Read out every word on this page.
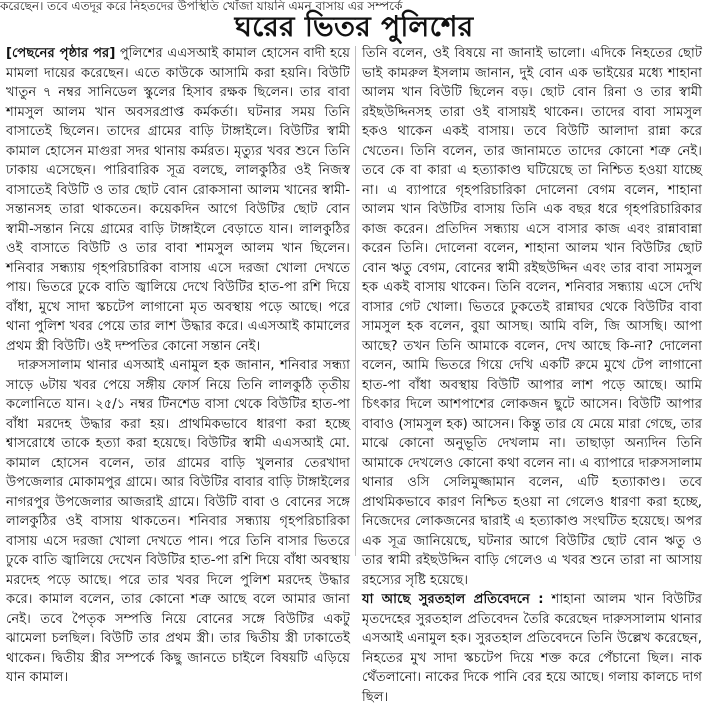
করেছেন। তবে এতদূর করে নিহতদের উপস্থিতি খোঁজা যায়নি এমন বাসায় এর সম্পর্কে
ঘরের ভিতর পুলিশের

[পেছনের পৃষ্ঠার পর] পুলিশের এএসআই কামাল হোসেন বাদী হয়ে মামলা দায়ের করেছেন। এতে কাউকে আসামি করা হয়নি। বিউটি খাতুন ৭ নম্বর সানিডেল স্কুলের হিসাব রক্ষক ছিলেন। তার বাবা শামসুল আলম খান অবসরপ্রাপ্ত কর্মকর্তা। ঘটনার সময় তিনি বাসাতেই ছিলেন। তাদের গ্রামের বাড়ি টাঙ্গাইলে। বিউটির স্বামী কামাল হোসেন মাগুরা সদর থানায় কর্মরত। মৃত্যুর খবর শুনে তিনি ঢাকায় এসেছেন। পারিবারিক সূত্র বলছে, লালকুঠির ওই নিজস্ব বাসাতেই বিউটি ও তার ছোট বোন রোকসানা আলম খানের স্বামী-সন্তানসহ তারা থাকতেন। কয়েকদিন আগে বিউটির ছোট বোন স্বামী-সন্তান নিয়ে গ্রামের বাড়ি টাঙ্গাইলে বেড়াতে যান। লালকুঠির ওই বাসাতে বিউটি ও তার বাবা শামসুল আলম খান ছিলেন। শনিবার সন্ধ্যায় গৃহপরিচারিকা বাসায় এসে দরজা খোলা দেখতে পায়। ভিতরে ঢুকে বাতি জ্বালিয়ে দেখে বিউটির হাত-পা রশি দিয়ে বাঁধা, মুখে সাদা স্কচটেপ লাগানো মৃত অবস্থায় পড়ে আছে। পরে থানা পুলিশ খবর পেয়ে তার লাশ উদ্ধার করে। এএসআই কামালের প্রথম স্ত্রী বিউটি। ওই দম্পতির কোনো সন্তান নেই।

দারুসসালাম থানার এসআই এনামুল হক জানান, শনিবার সন্ধ্যা সাড়ে ৬টায় খবর পেয়ে সঙ্গীয় ফোর্স নিয়ে তিনি লালকুঠি তৃতীয় কলোনিতে যান। ২৫/১ নম্বর টিনশেড বাসা থেকে বিউটির হাত-পা বাঁধা মরদেহ উদ্ধার করা হয়। প্রাথমিকভাবে ধারণা করা হচ্ছে শ্বাসরোধে তাকে হত্যা করা হয়েছে। বিউটির স্বামী এএসআই মো. কামাল হোসেন বলেন, তার গ্রামের বাড়ি খুলনার তেরখাদা উপজেলার মোকামপুর গ্রামে। আর বিউটির বাবার বাড়ি টাঙ্গাইলের নাগরপুর উপজেলার আজরাই গ্রামে। বিউটি বাবা ও বোনের সঙ্গে লালকুঠির ওই বাসায় থাকতেন। শনিবার সন্ধ্যায় গৃহপরিচারিকা বাসায় এসে দরজা খোলা দেখতে পান। পরে তিনি বাসার ভিতরে ঢুকে বাতি জ্বালিয়ে দেখেন বিউটির হাত-পা রশি দিয়ে বাঁধা অবস্থায় মরদেহ পড়ে আছে। পরে তার খবর দিলে পুলিশ মরদেহ উদ্ধার করে। কামাল বলেন, তার কোনো শত্রু আছে বলে আমার জানা নেই। তবে পৈতৃক সম্পত্তি নিয়ে বোনের সঙ্গে বিউটির একটু ঝামেলা চলছিল। বিউটি তার প্রথম স্ত্রী। তার দ্বিতীয় স্ত্রী ঢাকাতেই থাকেন। দ্বিতীয় স্ত্রীর সম্পর্কে কিছু জানতে চাইলে বিষয়টি এড়িয়ে যান কামাল।

তিনি বলেন, ওই বিষয়ে না জানাই ভালো। এদিকে নিহতের ছোট ভাই কামরুল ইসলাম জানান, দুই বোন এক ভাইয়ের মধ্যে শাহানা আলম খান বিউটি ছিলেন বড়। ছোট বোন রিনা ও তার স্বামী রইছউদ্দিনসহ তারা ওই বাসায়ই থাকেন। তাদের বাবা সামসুল হকও থাকেন একই বাসায়। তবে বিউটি আলাদা রান্না করে খেতেন। তিনি বলেন, তার জানামতে তাদের কোনো শত্রু নেই। তবে কে বা কারা এ হত্যাকাণ্ড ঘটিয়েছে তা নিশ্চিত হওয়া যাচ্ছে না। এ ব্যাপারে গৃহপরিচারিকা দোলেনা বেগম বলেন, শাহানা আলম খান বিউটির বাসায় তিনি এক বছর ধরে গৃহপরিচারিকার কাজ করেন। প্রতিদিন সন্ধ্যায় এসে বাসার কাজ এবং রান্নাবান্না করেন তিনি। দোলেনা বলেন, শাহানা আলম খান বিউটির ছোট বোন ঋতু বেগম, বোনের স্বামী রইছউদ্দিন এবং তার বাবা সামসুল হক একই বাসায় থাকেন। তিনি বলেন, শনিবার সন্ধ্যায় এসে দেখি বাসার গেট খোলা। ভিতরে ঢুকতেই রান্নাঘর থেকে বিউটির বাবা সামসুল হক বলেন, বুয়া আসছ। আমি বলি, জি আসছি। আপা আছে? তখন তিনি আমাকে বলেন, দেখ আছে কি-না? দোলেনা বলেন, আমি ভিতরে গিয়ে দেখি একটি রুমে মুখে টেপ লাগানো হাত-পা বাঁধা অবস্থায় বিউটি আপার লাশ পড়ে আছে। আমি চিৎকার দিলে আশপাশের লোকজন ছুটে আসেন। বিউটি আপার বাবাও (সামসুল হক) আসেন। কিন্তু তার যে মেয়ে মারা গেছে, তার মাঝে কোনো অনুভূতি দেখলাম না। তাছাড়া অন্যদিন তিনি আমাকে দেখলেও কোনো কথা বলেন না। এ ব্যাপারে দারুসসালাম থানার ওসি সেলিমুজ্জামান বলেন, এটি হত্যাকাণ্ড। তবে প্রাথমিকভাবে কারণ নিশ্চিত হওয়া না গেলেও ধারণা করা হচ্ছে, নিজেদের লোকজনের দ্বারাই এ হত্যাকাণ্ড সংঘটিত হয়েছে। অপর এক সূত্র জানিয়েছে, ঘটনার আগে বিউটির ছোট বোন ঋতু ও তার স্বামী রইছউদ্দিন বাড়ি গেলেও এ খবর শুনে তারা না আসায় রহস্যের সৃষ্টি হয়েছে।

যা আছে সুরতহাল প্রতিবেদনে : শাহানা আলম খান বিউটির মৃতদেহের সুরতহাল প্রতিবেদন তৈরি করেছেন দারুসসালাম থানার এসআই এনামুল হক। সুরতহাল প্রতিবেদনে তিনি উল্লেখ করেছেন, নিহতের মুখ সাদা স্কচটেপ দিয়ে শক্ত করে পেঁচানো ছিল। নাক থেঁতলানো। নাকের দিকে পানি বের হয়ে আছে। গলায় কালচে দাগ ছিল।
